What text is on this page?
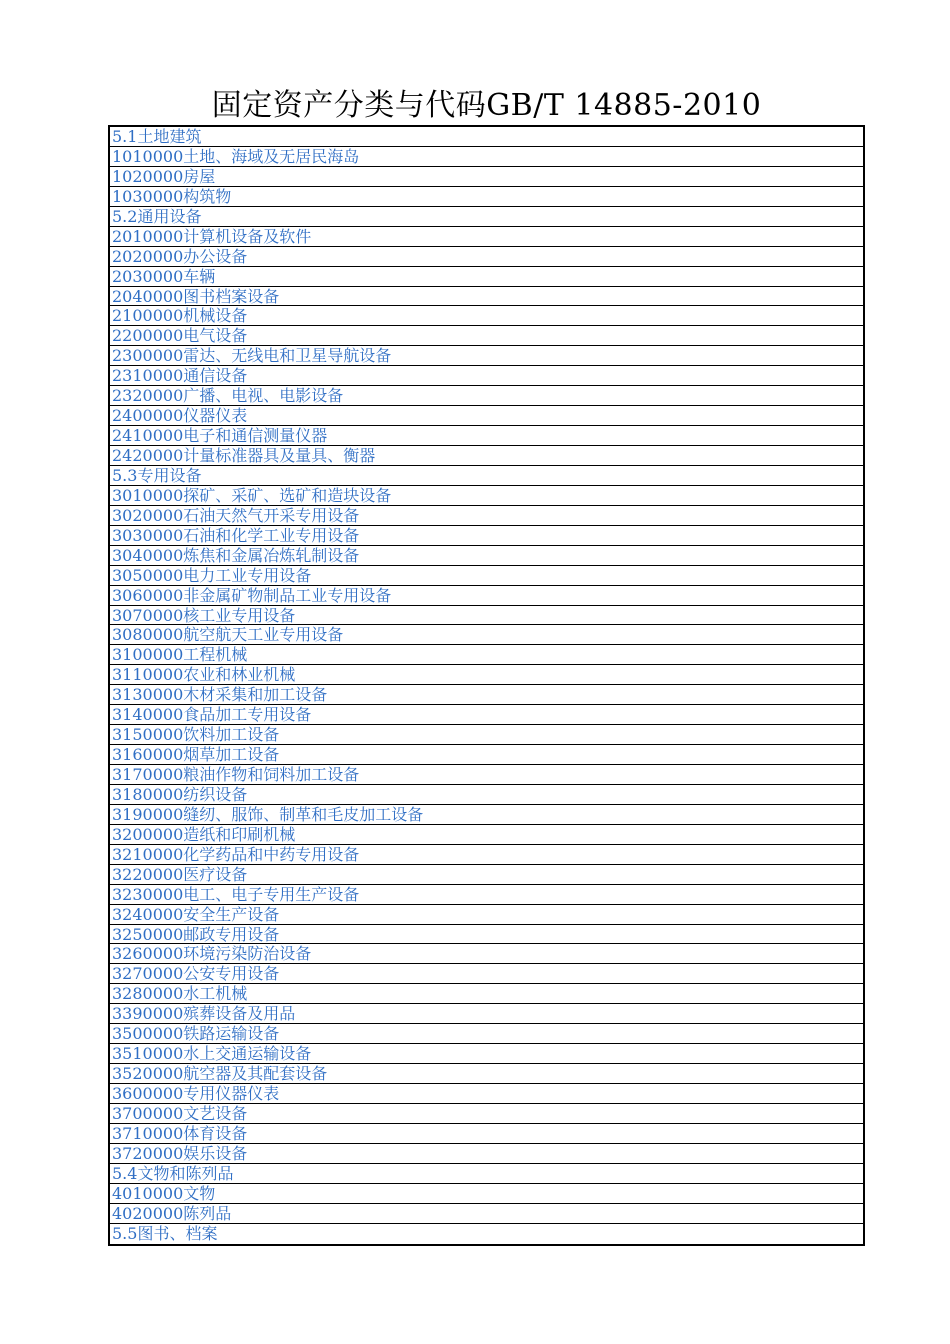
固定资产分类与代码GB/T 14885-2010
5.1土地建筑
1010000土地、海域及无居民海岛
1020000房屋
1030000构筑物
5.2通用设备
2010000计算机设备及软件
2020000办公设备
2030000车辆
2040000图书档案设备
2100000机械设备
2200000电气设备
2300000雷达、无线电和卫星导航设备
2310000通信设备
2320000广播、电视、电影设备
2400000仪器仪表
2410000电子和通信测量仪器
2420000计量标准器具及量具、衡器
5.3专用设备
3010000探矿、采矿、选矿和造块设备
3020000石油天然气开采专用设备
3030000石油和化学工业专用设备
3040000炼焦和金属冶炼轧制设备
3050000电力工业专用设备
3060000非金属矿物制品工业专用设备
3070000核工业专用设备
3080000航空航天工业专用设备
3100000工程机械
3110000农业和林业机械
3130000木材采集和加工设备
3140000食品加工专用设备
3150000饮料加工设备
3160000烟草加工设备
3170000粮油作物和饲料加工设备
3180000纺织设备
3190000缝纫、服饰、制革和毛皮加工设备
3200000造纸和印刷机械
3210000化学药品和中药专用设备
3220000医疗设备
3230000电工、电子专用生产设备
3240000安全生产设备
3250000邮政专用设备
3260000环境污染防治设备
3270000公安专用设备
3280000水工机械
3390000殡葬设备及用品
3500000铁路运输设备
3510000水上交通运输设备
3520000航空器及其配套设备
3600000专用仪器仪表
3700000文艺设备
3710000体育设备
3720000娱乐设备
5.4文物和陈列品
4010000文物
4020000陈列品
5.5图书、档案
